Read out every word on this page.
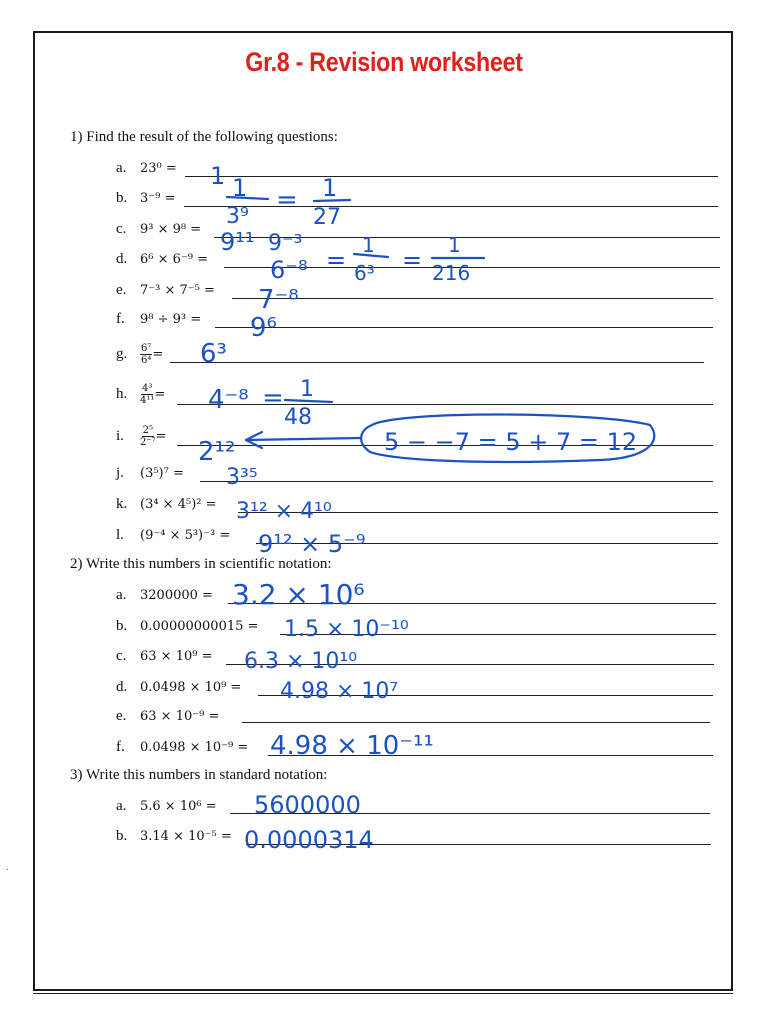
Gr.8 - Revision worksheet
1) Find the result of the following questions:
a. 23⁰ =
b. 3⁻⁹ =
c. 9³ × 9⁸ =
d. 6⁶ × 6⁻⁹ =
e. 7⁻³ × 7⁻⁵ =
f. 9⁸ ÷ 9³ =
g. $\frac{\text{6⁷}}{\text{6⁴}}$ =
h. $\frac{\text{4³}}{\text{4¹¹}}$ =
i. $\frac{\text{2⁵}}{\text{2⁻⁷}}$ =
j. (3⁵)⁷ =
k. (3⁴ × 4⁵)² =
l. (9⁻⁴ × 5³)⁻³ =
2) Write this numbers in scientific notation:
a. 3200000 =
b. 0.00000000015 =
c. 63 × 10⁹ =
d. 0.0498 × 10⁹ =
e. 63 × 10⁻⁹ =
f. 0.0498 × 10⁻⁹ =
3) Write this numbers in standard notation:
a. 5.6 × 10⁶ =
b. 3.14 × 10⁻⁵ =
.
1 1
3⁹
= 1
27
9¹¹ 9⁻³
6⁻⁸ =
1
6³ =
1
216
7⁻⁸
9⁶
6³
4⁻⁸ = 1
48
2¹²	5 − −7 = 5 + 7 = 12
3³⁵
3¹² × 4¹⁰
9¹² × 5⁻⁹
3.2 × 10⁶
1.5 × 10⁻¹⁰
6.3 × 10¹⁰
4.98 × 10⁷
4.98 × 10⁻¹¹
5600000
0.0000314
